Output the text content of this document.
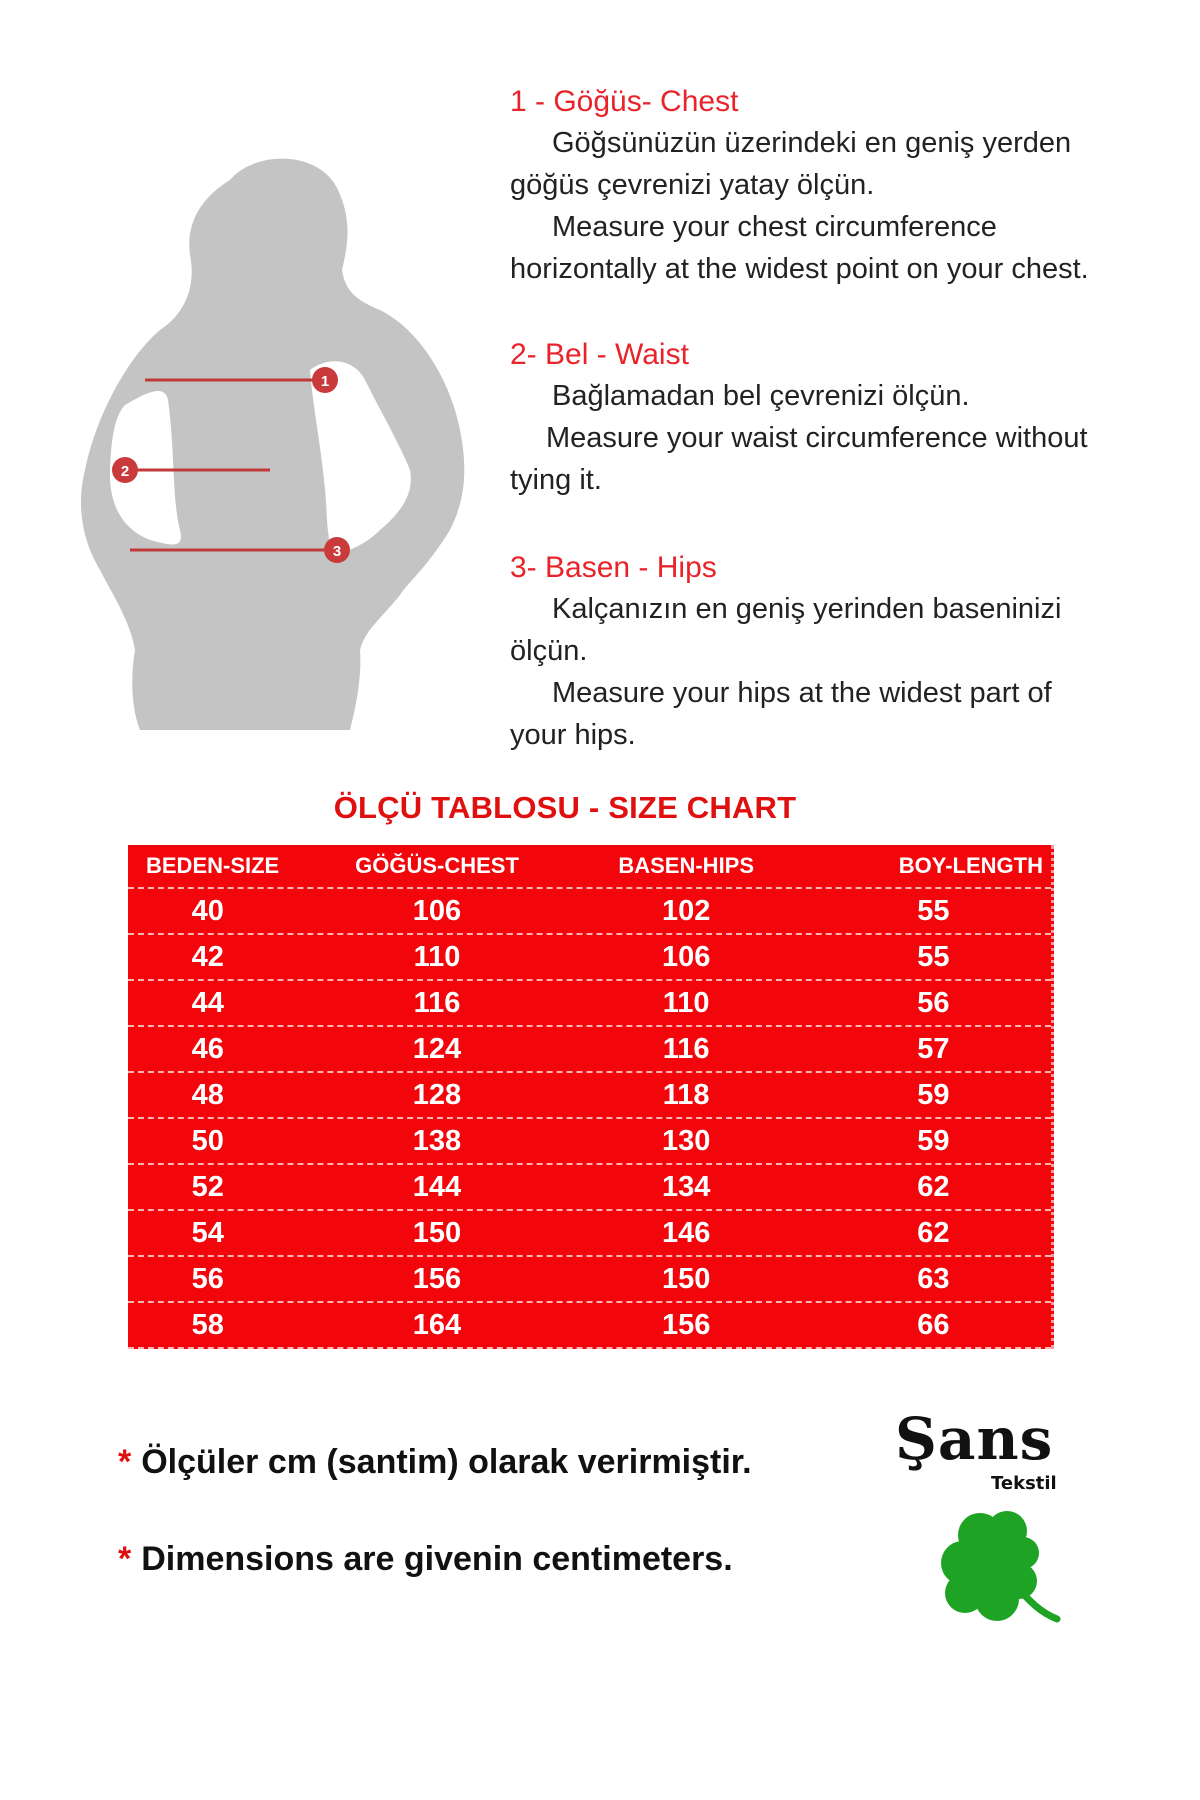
1
2
3
1 - Göğüs- Chest
Göğsünüzün üzerindeki en geniş yerden
göğüs çevrenizi yatay ölçün.
Measure your chest circumference
horizontally at the widest point on your chest.
2- Bel - Waist
Bağlamadan bel çevrenizi ölçün.
Measure your waist circumference without
tying it.
3- Basen - Hips
Kalçanızın en geniş yerinden baseninizi
ölçün.
Measure your hips at the widest part of
your hips.
ÖLÇÜ TABLOSU - SIZE CHART
BEDEN-SIZE	GÖĞÜS-CHEST	BASEN-HIPS	BOY-LENGTH
40	106	102	55
42	110	106	55
44	116	110	56
46	124	116	57
48	128	118	59
50	138	130	59
52	144	134	62
54	150	146	62
56	156	150	63
58	164	156	66
* Ölçüler cm (santim) olarak verirmiştir.
* Dimensions are givenin centimeters.
Şans
Tekstil
